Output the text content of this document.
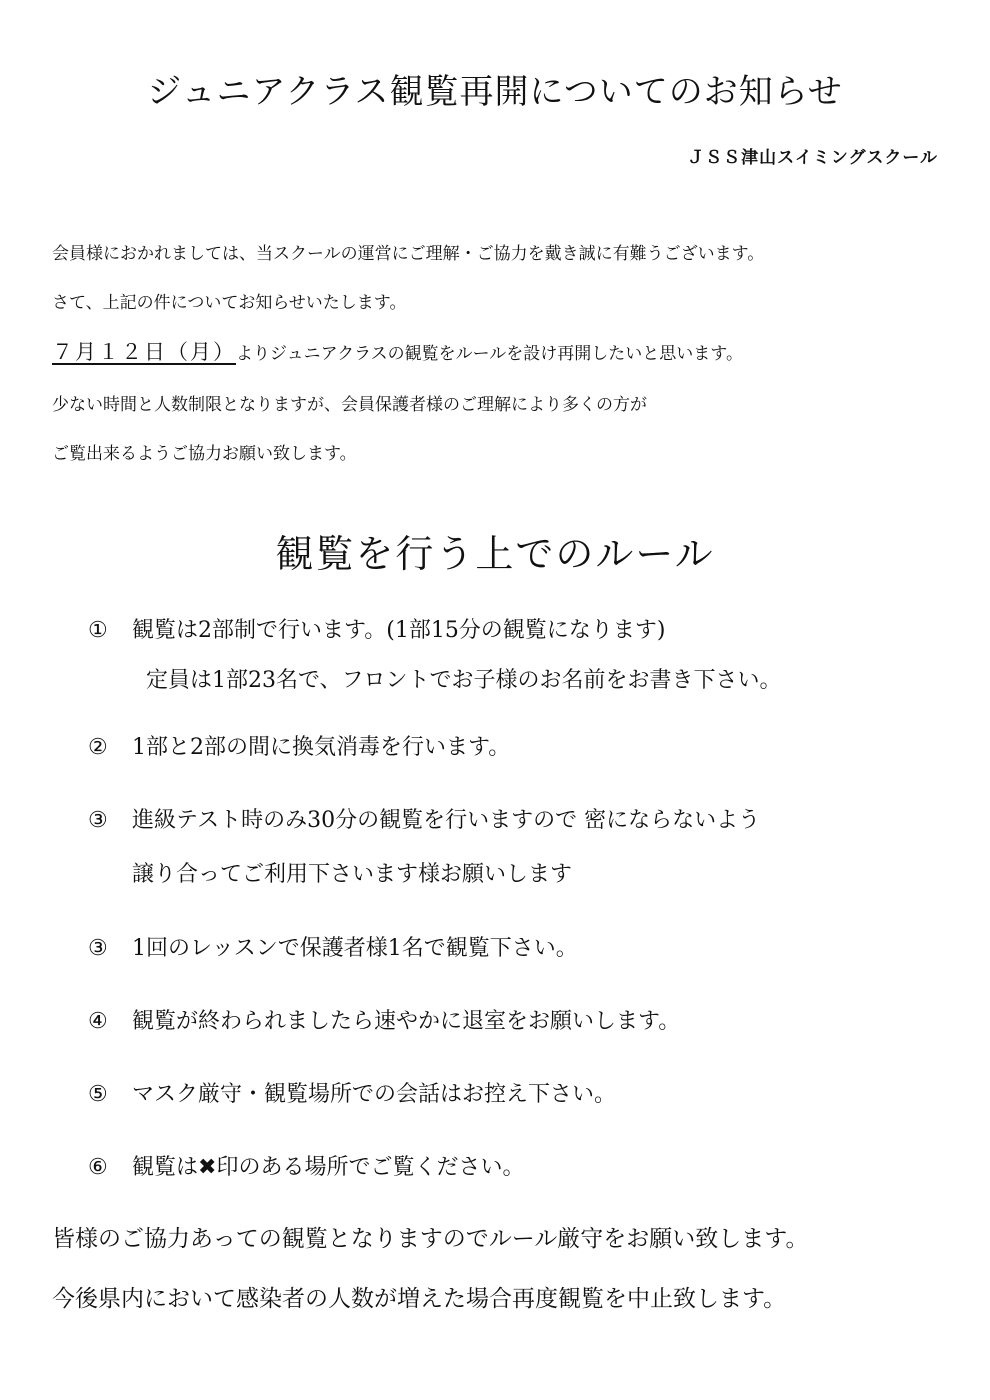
ジュニアクラス観覧再開についてのお知らせ
ＪＳＳ津山スイミングスクール

会員様におかれましては、当スクールの運営にご理解・ご協力を戴き誠に有難うございます。

さて、上記の件についてお知らせいたします。

７月１２日（月）よりジュニアクラスの観覧をルールを設け再開したいと思います。

少ない時間と人数制限となりますが、会員保護者様のご理解により多くの方が

ご覧出来るようご協力お願い致します。

観覧を行う上でのルール
① 観覧は2部制で行います。(1部15分の観覧になります)
定員は1部23名で、フロントでお子様のお名前をお書き下さい。
② 1部と2部の間に換気消毒を行います。
③ 進級テスト時のみ30分の観覧を行いますので 密にならないよう
譲り合ってご利用下さいます様お願いします
③ 1回のレッスンで保護者様1名で観覧下さい。
④ 観覧が終わられましたら速やかに退室をお願いします。
⑤ マスク厳守・観覧場所での会話はお控え下さい。
⑥ 観覧は✖印のある場所でご覧ください。

皆様のご協力あっての観覧となりますのでルール厳守をお願い致します。

今後県内において感染者の人数が増えた場合再度観覧を中止致します。
